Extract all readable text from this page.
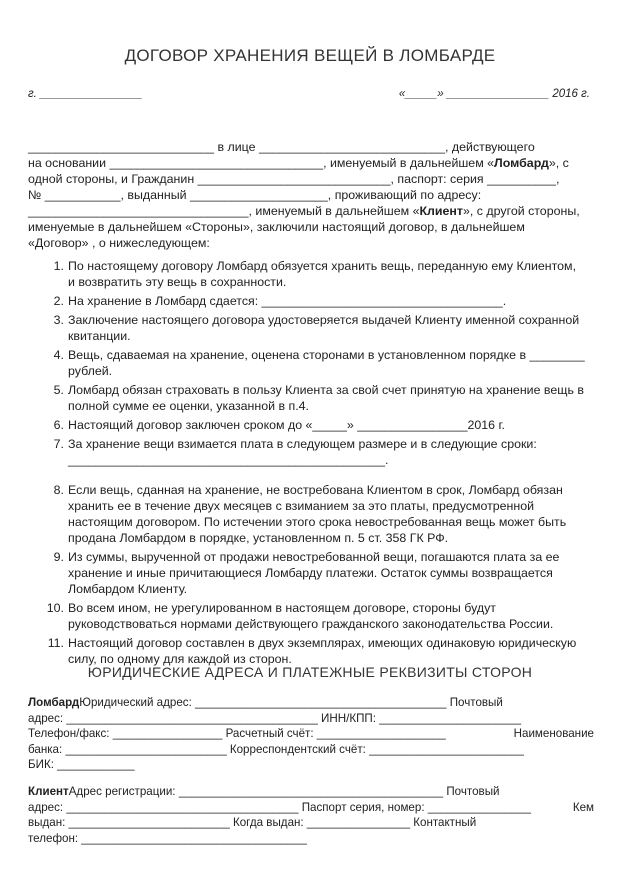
ДОГОВОР ХРАНЕНИЯ ВЕЩЕЙ В ЛОМБАРДЕ
г. ________________	«_____» ________________ 2016 г.

___________________________ в лице ___________________________, действующего

на основании _______________________________, именуемый в дальнейшем «Ломбард», с

одной стороны, и Гражданин ____________________________, паспорт: серия __________,

№ ___________, выданный ____________________, проживающий по адресу:

________________________________, именуемый в дальнейшем «Клиент», с другой стороны,

именуемые в дальнейшем «Стороны», заключили настоящий договор, в дальнейшем

«Договор» , о нижеследующем:

1. По настоящему договору Ломбард обязуется хранить вещь, переданную ему Клиентом, и возвратить эту вещь в сохранности.
2. На хранение в Ломбард сдается: ___________________________________.
3. Заключение настоящего договора удостоверяется выдачей Клиенту именной сохранной квитанции.
4. Вещь, сдаваемая на хранение, оценена сторонами в установленном порядке в ________ рублей.
5. Ломбард обязан страховать в пользу Клиента за свой счет принятую на хранение вещь в полной сумме ее оценки, указанной в п.4.
6. Настоящий договор заключен сроком до «_____» ________________2016 г.
7. За хранение вещи взимается плата в следующем размере и в следующие сроки: ______________________________________________.
8. Если вещь, сданная на хранение, не востребована Клиентом в срок, Ломбард обязан хранить ее в течение двух месяцев с взиманием за это платы, предусмотренной настоящим договором. По истечении этого срока невостребованная вещь может быть продана Ломбардом в порядке, установленном п. 5 ст. 358 ГК РФ.
9. Из суммы, вырученной от продажи невостребованной вещи, погашаются плата за ее хранение и иные причитающиеся Ломбарду платежи. Остаток суммы возвращается Ломбардом Клиенту.
10. Во всем ином, не урегулированном в настоящем договоре, стороны будут руководствоваться нормами действующего гражданского законодательства России.
11. Настоящий договор составлен в двух экземплярах, имеющих одинаковую юридическую силу, по одному для каждой из сторон.
ЮРИДИЧЕСКИЕ АДРЕСА И ПЛАТЕЖНЫЕ РЕКВИЗИТЫ СТОРОН
ЛомбардЮридический адрес: _______________________________________ Почтовый
адрес: _______________________________________ ИНН/КПП: ______________________
Телефон/факс: _________________ Расчетный счёт: ____________________	Наименование
банка: _________________________ Корреспондентский счёт: ________________________
БИК: ____________
КлиентАдрес регистрации: _________________________________________ Почтовый
адрес: ____________________________________ Паспорт серия, номер: ________________	Кем
выдан: _________________________ Когда выдан: ________________ Контактный
телефон: ___________________________________
